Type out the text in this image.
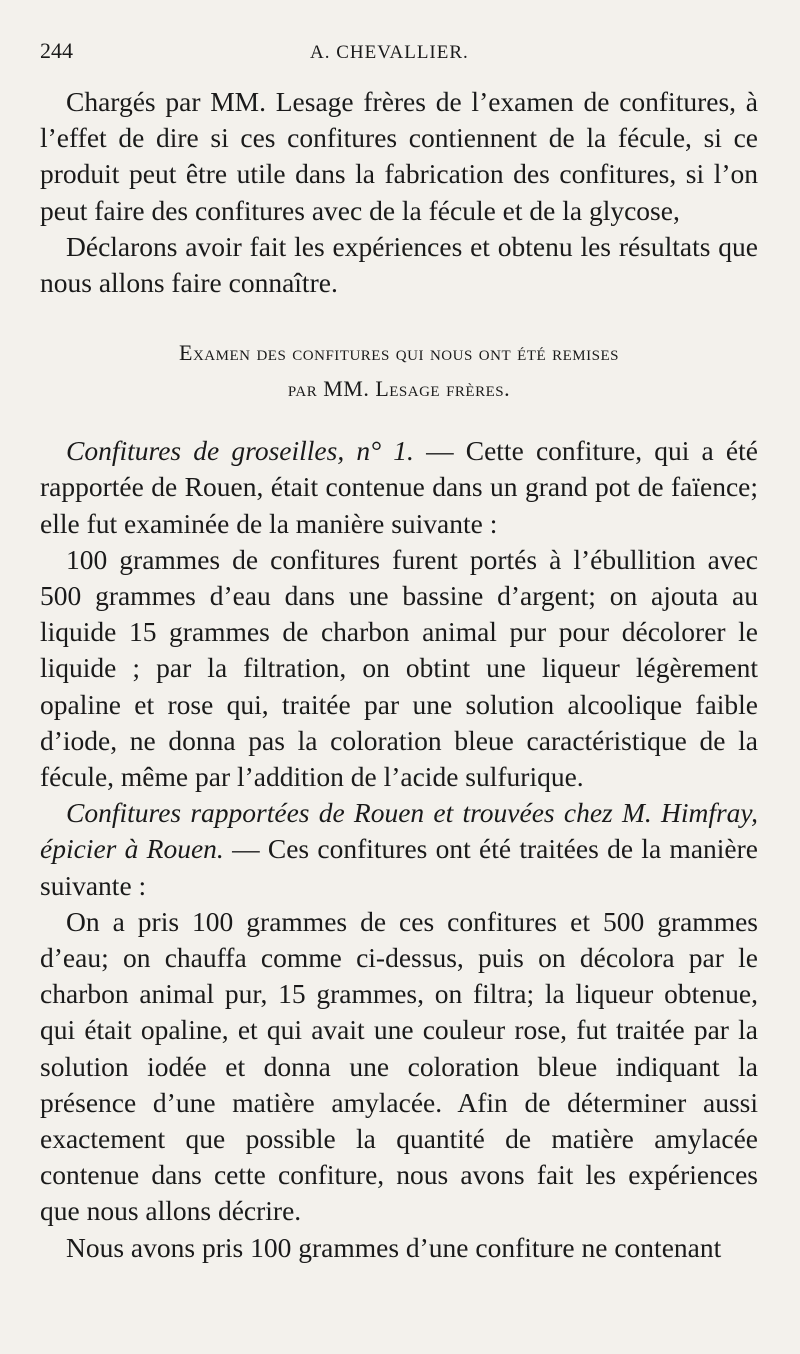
244	A. CHEVALLIER.

Chargés par MM. Lesage frères de l’examen de confitures, à l’effet de dire si ces confitures contiennent de la fécule, si ce produit peut être utile dans la fabrication des confitures, si l’on peut faire des confitures avec de la fécule et de la glycose,

Déclarons avoir fait les expériences et obtenu les résultats que nous allons faire connaître.

Examen des confitures qui nous ont été remises
par MM. Lesage frères.

Confitures de groseilles, n° 1. — Cette confiture, qui a été rapportée de Rouen, était contenue dans un grand pot de faïence; elle fut examinée de la manière suivante :

100 grammes de confitures furent portés à l’ébullition avec 500 grammes d’eau dans une bassine d’argent; on ajouta au liquide 15 grammes de charbon animal pur pour décolorer le liquide ; par la filtration, on obtint une liqueur légèrement opaline et rose qui, traitée par une solution alcoolique faible d’iode, ne donna pas la coloration bleue caractéristique de la fécule, même par l’addition de l’acide sulfurique.

Confitures rapportées de Rouen et trouvées chez M. Himfray, épicier à Rouen. — Ces confitures ont été traitées de la manière suivante :

On a pris 100 grammes de ces confitures et 500 grammes d’eau; on chauffa comme ci-dessus, puis on décolora par le charbon animal pur, 15 grammes, on filtra; la liqueur obtenue, qui était opaline, et qui avait une couleur rose, fut traitée par la solution iodée et donna une coloration bleue indiquant la présence d’une matière amylacée. Afin de déterminer aussi exactement que possible la quantité de matière amylacée contenue dans cette confiture, nous avons fait les expériences que nous allons décrire.

Nous avons pris 100 grammes d’une confiture ne contenant
